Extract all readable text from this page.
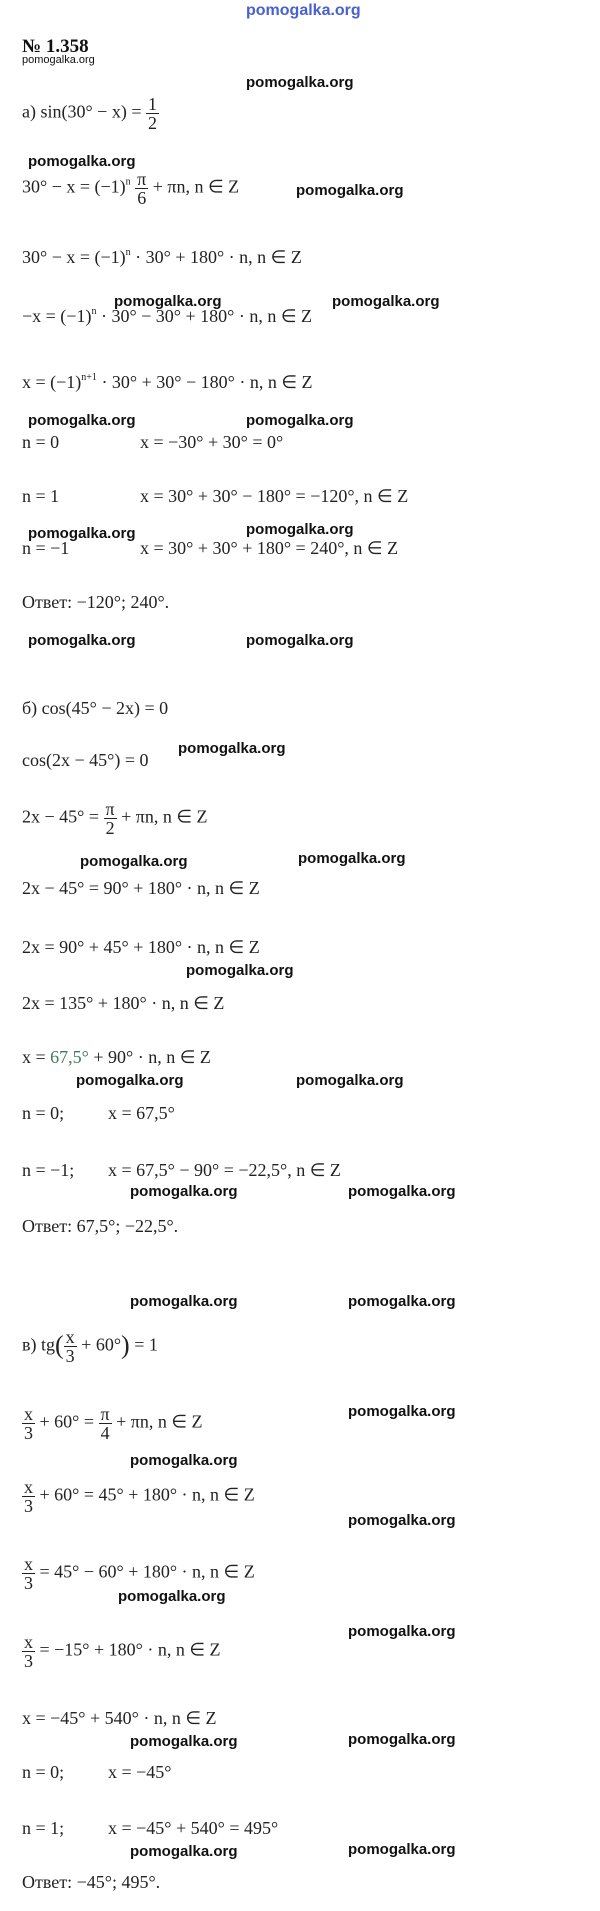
pomogalka.org
№ 1.358
pomogalka.org
pomogalka.org
pomogalka.org
pomogalka.org
pomogalka.org	pomogalka.org
pomogalka.org	pomogalka.org
pomogalka.org	pomogalka.org
pomogalka.org	pomogalka.org
pomogalka.org
pomogalka.org	pomogalka.org
pomogalka.org
pomogalka.org	pomogalka.org
pomogalka.org	pomogalka.org
pomogalka.org	pomogalka.org
pomogalka.org
pomogalka.org
pomogalka.org
pomogalka.org
pomogalka.org
pomogalka.org	pomogalka.org
pomogalka.org	pomogalka.org
а) $\sin(30^\circ - x) = \frac{1}{2}$
$30^\circ - x = (-1)^n \frac{\pi}{6} + \pi n$, n ∈ Z
$30^\circ - x = (-1)^n \cdot 30^\circ + 180^\circ \cdot n$, n ∈ Z
$-x = (-1)^n \cdot 30^\circ - 30^\circ + 180^\circ \cdot n$, n ∈ Z
$x = (-1)^{n+1} \cdot 30^\circ + 30^\circ - 180^\circ \cdot n$, n ∈ Z
n = 0	x = −30° + 30° = 0°
n = 1	x = 30° + 30° − 180° = −120°, n ∈ Z
n = −1	x = 30° + 30° + 180° = 240°, n ∈ Z
Ответ: −120°; 240°.
б) cos(45° − 2x) = 0
cos(2x − 45°) = 0
$2x - 45^\circ = \frac{\pi}{2} + \pi n$, n ∈ Z
2x − 45° = 90° + 180° · n, n ∈ Z
2x = 90° + 45° + 180° · n, n ∈ Z
2x = 135° + 180° · n, n ∈ Z
x = 67,5° + 90° · n, n ∈ Z
n = 0; x = 67,5°
n = −1; x = 67,5° − 90° = −22,5°, n ∈ Z
Ответ: 67,5°; −22,5°.
в) $tg( \frac{x}{3} + 60^\circ) = 1$
$\frac{x}{3} + 60^\circ = \frac{\pi}{4} + \pi n$, n ∈ Z
$\frac{x}{3} + 60^\circ = 45^\circ + 180^\circ \cdot n$, n ∈ Z
$\frac{x}{3} = 45^\circ - 60^\circ + 180^\circ \cdot n$, n ∈ Z
$\frac{x}{3} = -15^\circ + 180^\circ \cdot n$, n ∈ Z
x = −45° + 540° · n, n ∈ Z
n = 0; x = −45°
n = 1; x = −45° + 540° = 495°
Ответ: −45°; 495°.
